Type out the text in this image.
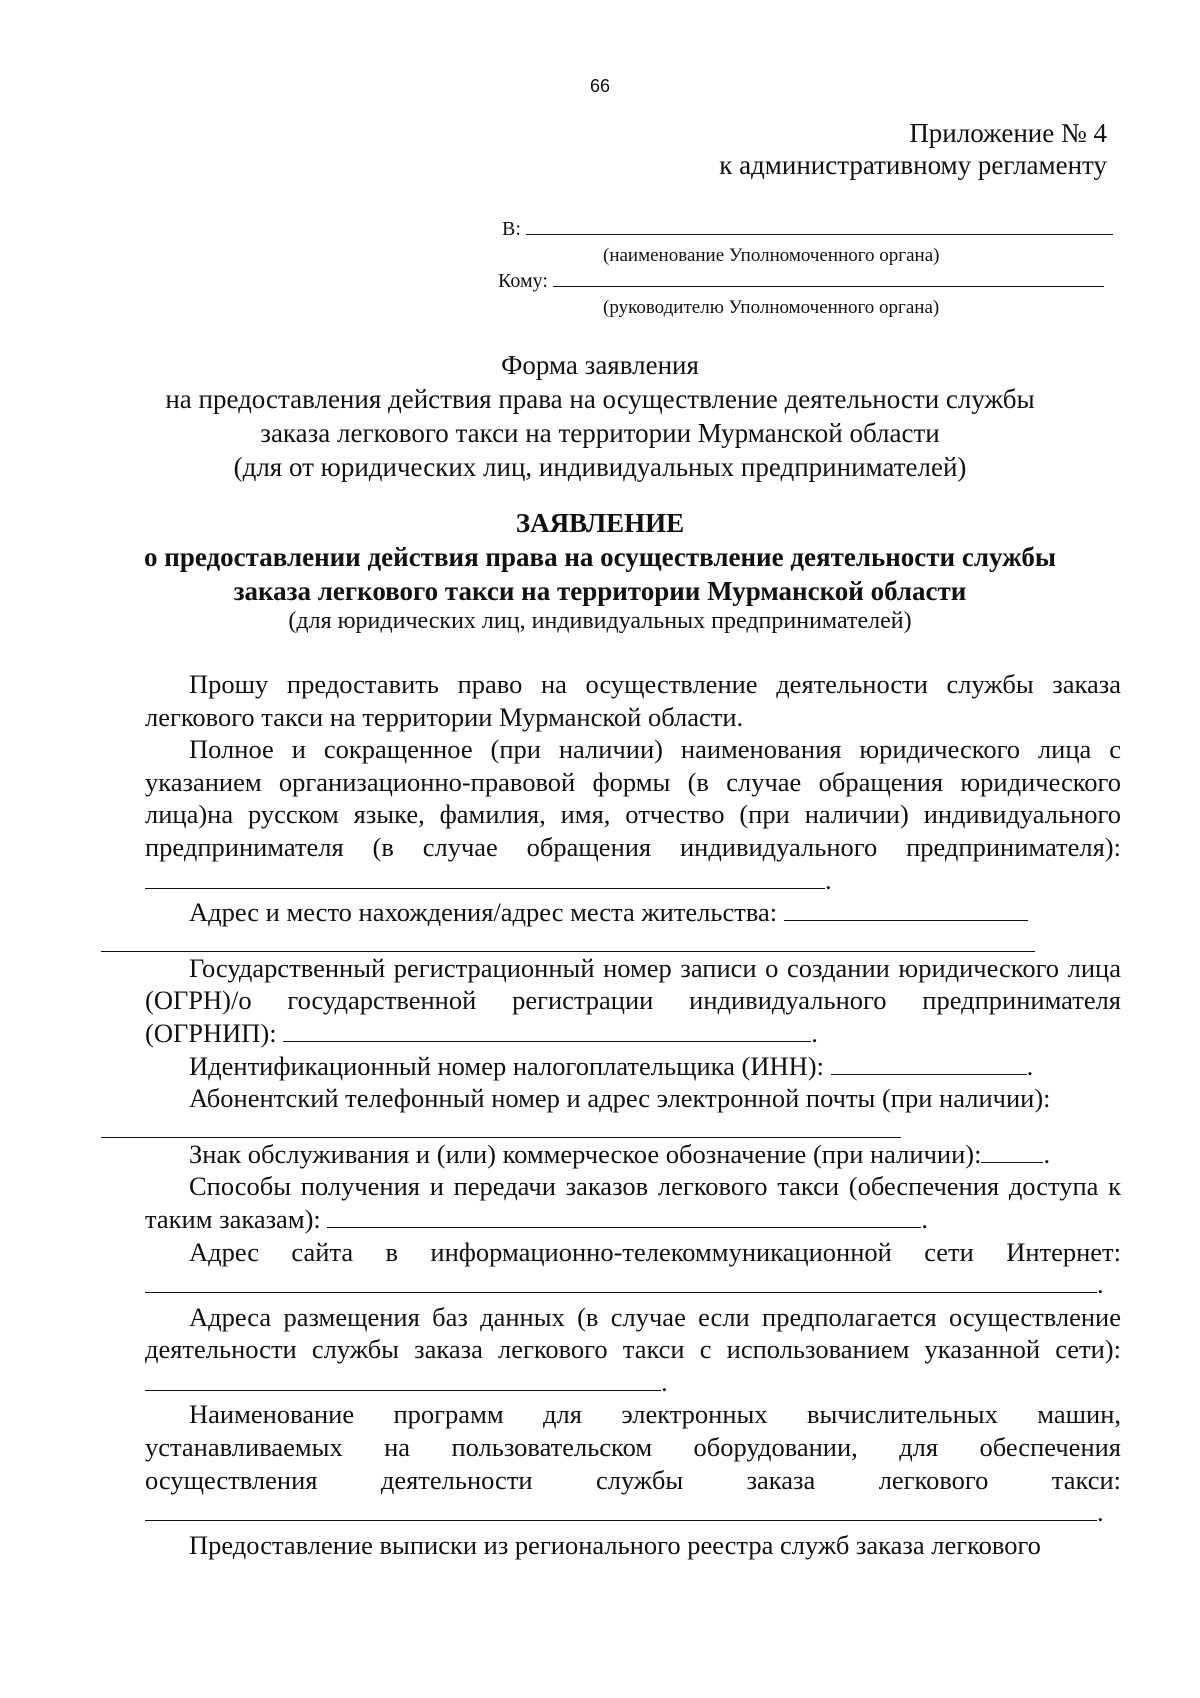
66
Приложение № 4
к административному регламенту
В:
(наименование Уполномоченного органа)
Кому:
(руководителю Уполномоченного органа)
Форма заявления
на предоставления действия права на осуществление деятельности службы
заказа легкового такси на территории Мурманской области
(для от юридических лиц, индивидуальных предпринимателей)
ЗАЯВЛЕНИЕ
о предоставлении действия права на осуществление деятельности службы
заказа легкового такси на территории Мурманской области
(для юридических лиц, индивидуальных предпринимателей)

Прошу предоставить право на осуществление деятельности службы заказа легкового такси на территории Мурманской области.

Полное и сокращенное (при наличии) наименования юридического лица с указанием организационно-правовой формы (в случае обращения юридического лица)на русском языке, фамилия, имя, отчество (при наличии) индивидуального предпринимателя (в случае обращения индивидуального предпринимателя): .

Адрес и место нахождения/адрес места жительства:

Государственный регистрационный номер записи о создании юридического лица (ОГРН)/о государственной регистрации индивидуального предпринимателя (ОГРНИП):	.

Идентификационный номер налогоплательщика (ИНН):	.

Абонентский телефонный номер и адрес электронной почты (при наличии):

Знак обслуживания и (или) коммерческое обозначение (при наличии): .

Способы получения и передачи заказов легкового такси (обеспечения доступа к таким заказам):	.

Адрес сайта в информационно-телекоммуникационной сети Интернет:

.

Адреса размещения баз данных (в случае если предполагается осуществление деятельности службы заказа легкового такси с использованием указанной сети): .

Наименование программ для электронных вычислительных машин, устанавливаемых на пользовательском оборудовании, для обеспечения осуществления деятельности службы заказа легкового такси:

.

Предоставление выписки из регионального реестра служб заказа легкового
